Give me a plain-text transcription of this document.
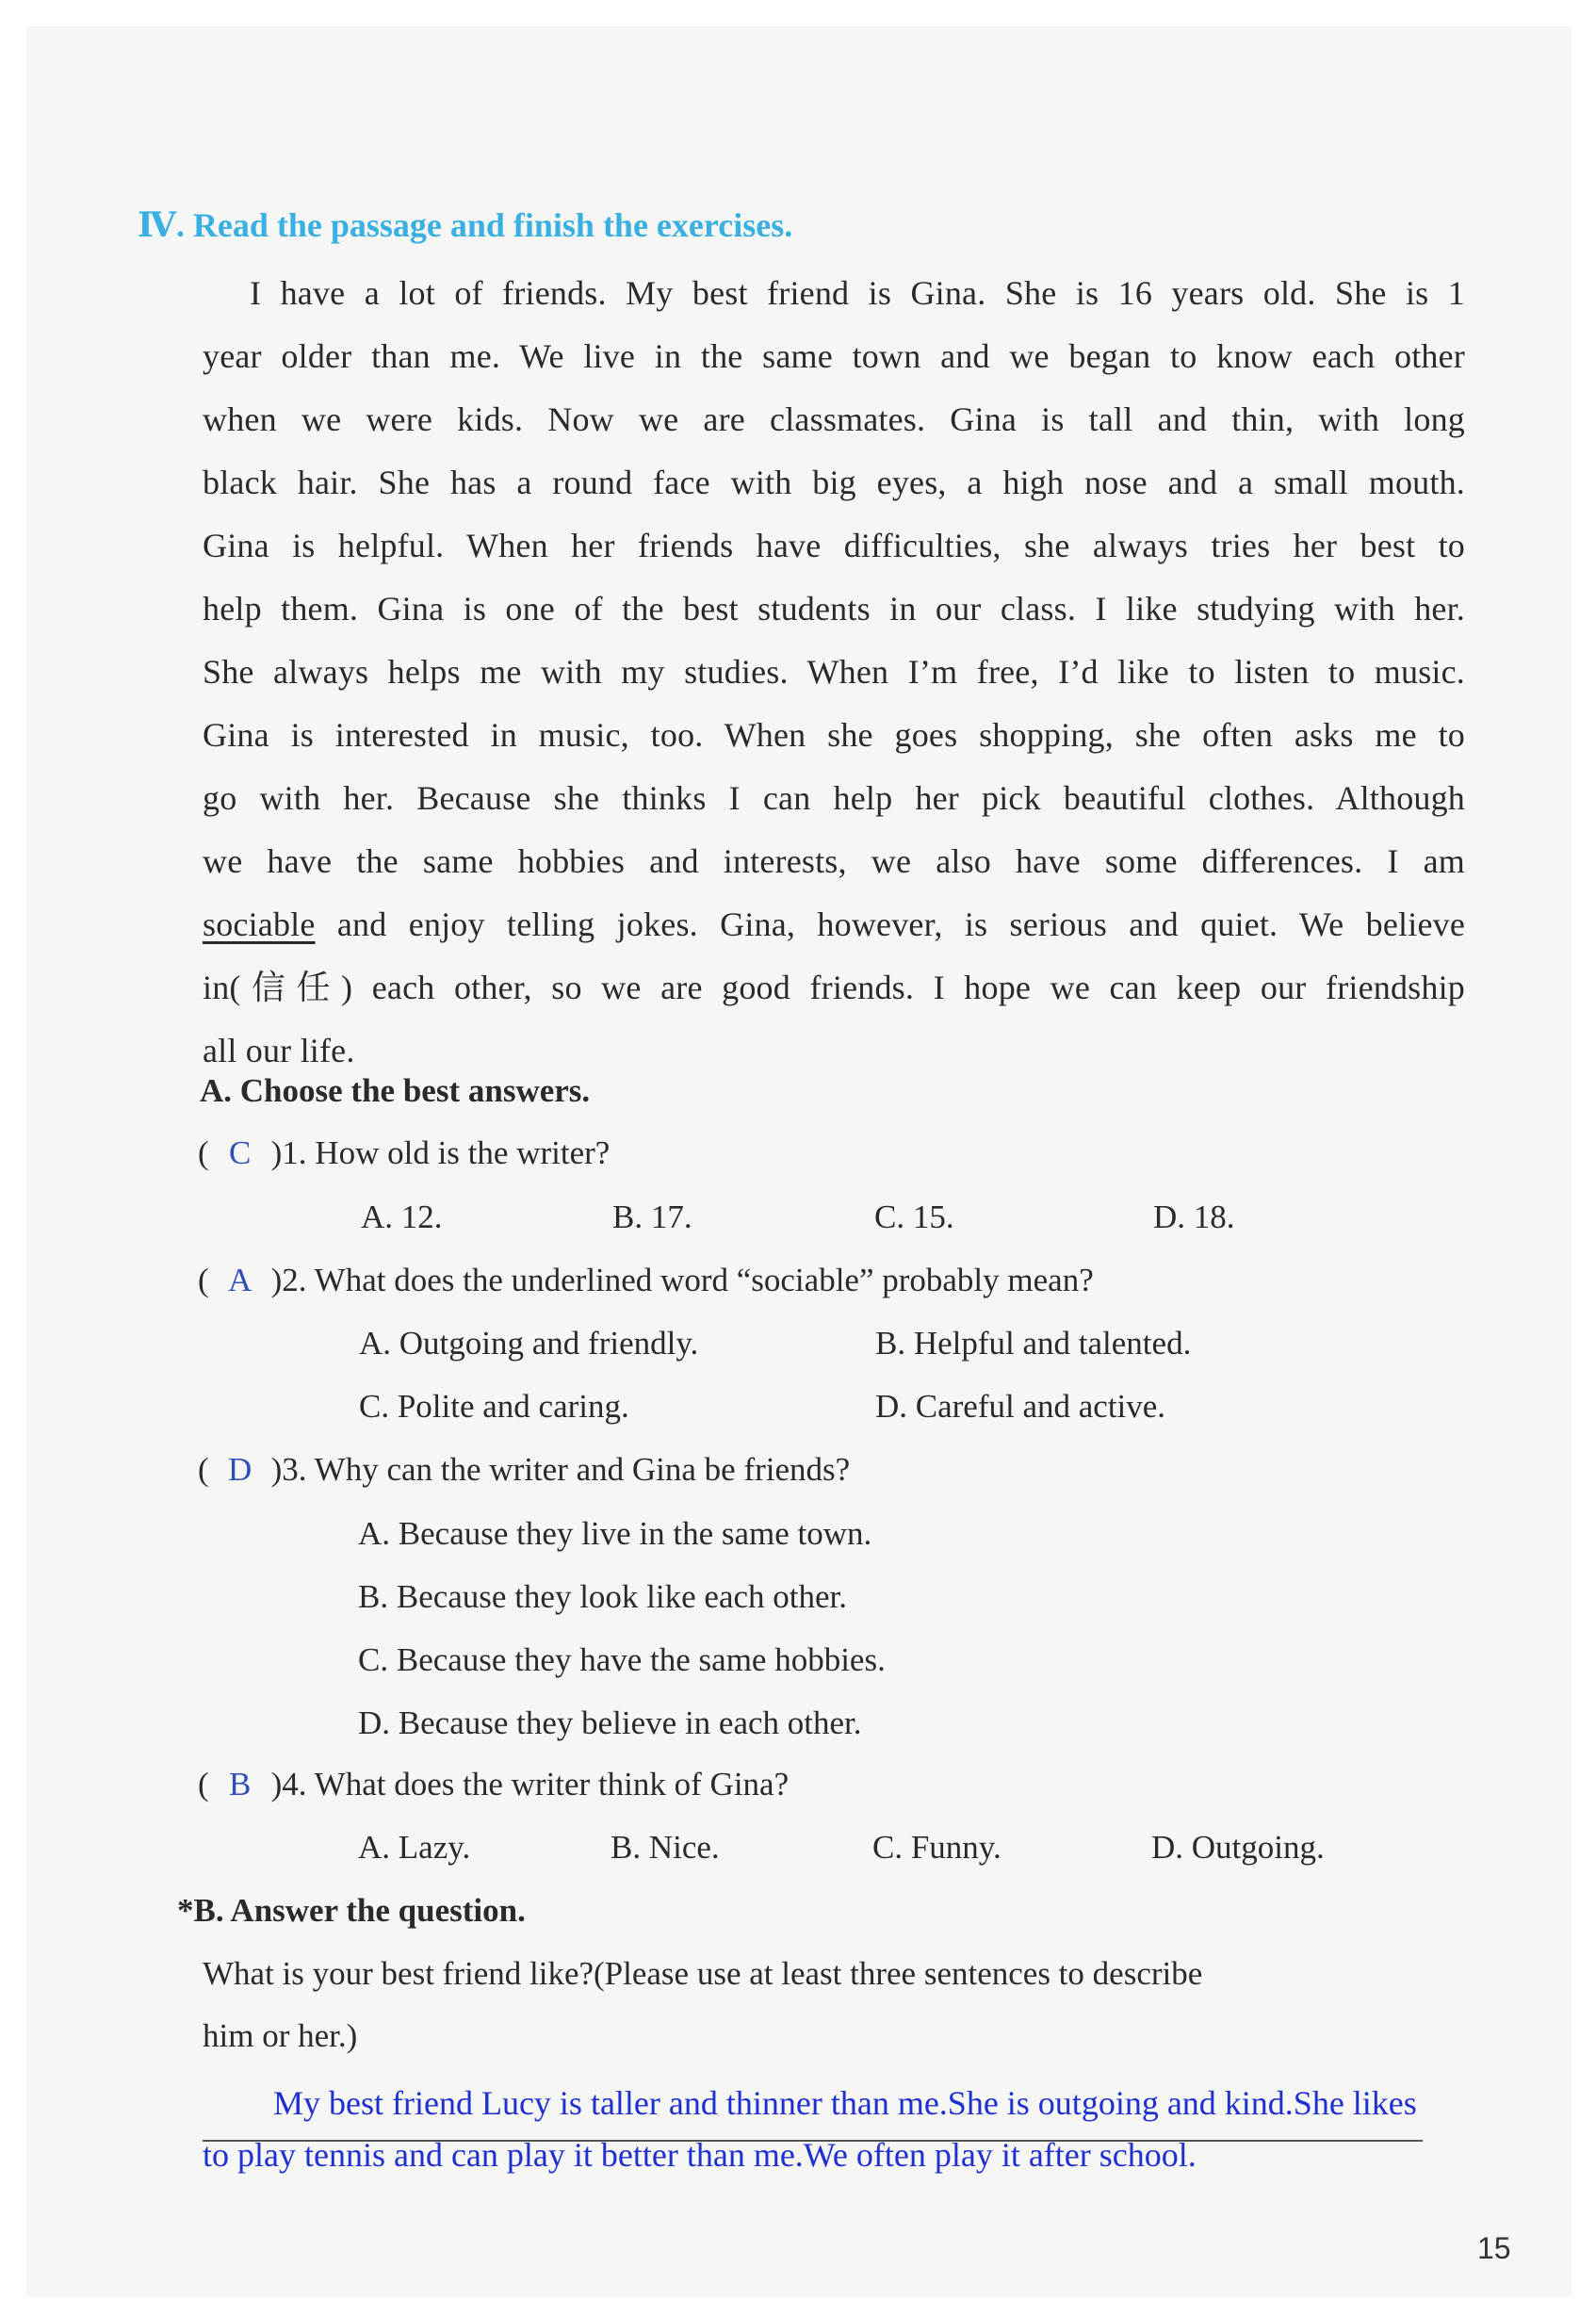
Ⅳ. Read the passage and finish the exercises.
I have a lot of friends. My best friend is Gina. She is 16 years old. She is 1
year older than me. We live in the same town and we began to know each other
when we were kids. Now we are classmates. Gina is tall and thin, with long
black hair. She has a round face with big eyes, a high nose and a small mouth.
Gina is helpful. When her friends have difficulties, she always tries her best to
help them. Gina is one of the best students in our class. I like studying with her.
She always helps me with my studies. When I’m free, I’d like to listen to music.
Gina is interested in music, too. When she goes shopping, she often asks me to
go with her. Because she thinks I can help her pick beautiful clothes. Although
we have the same hobbies and interests, we also have some differences. I am
sociable and enjoy telling jokes. Gina, however, is serious and quiet. We believe
in(信任) each other, so we are good friends. I hope we can keep our friendship
all our life.
A. Choose the best answers.
( C )1. How old is the writer?
A. 12.	B. 17.	C. 15.	D. 18.
( A )2. What does the underlined word “sociable” probably mean?
A. Outgoing and friendly.	B. Helpful and talented.
C. Polite and caring.	D. Careful and active.
( D )3. Why can the writer and Gina be friends?
A. Because they live in the same town.
B. Because they look like each other.
C. Because they have the same hobbies.
D. Because they believe in each other.
( B )4. What does the writer think of Gina?
A. Lazy.	B. Nice.	C. Funny.	D. Outgoing.
*B. Answer the question.
What is your best friend like?(Please use at least three sentences to describe
him or her.)
My best friend Lucy is taller and thinner than me.She is outgoing and kind.She likes
to play tennis and can play it better than me.We often play it after school.
15
